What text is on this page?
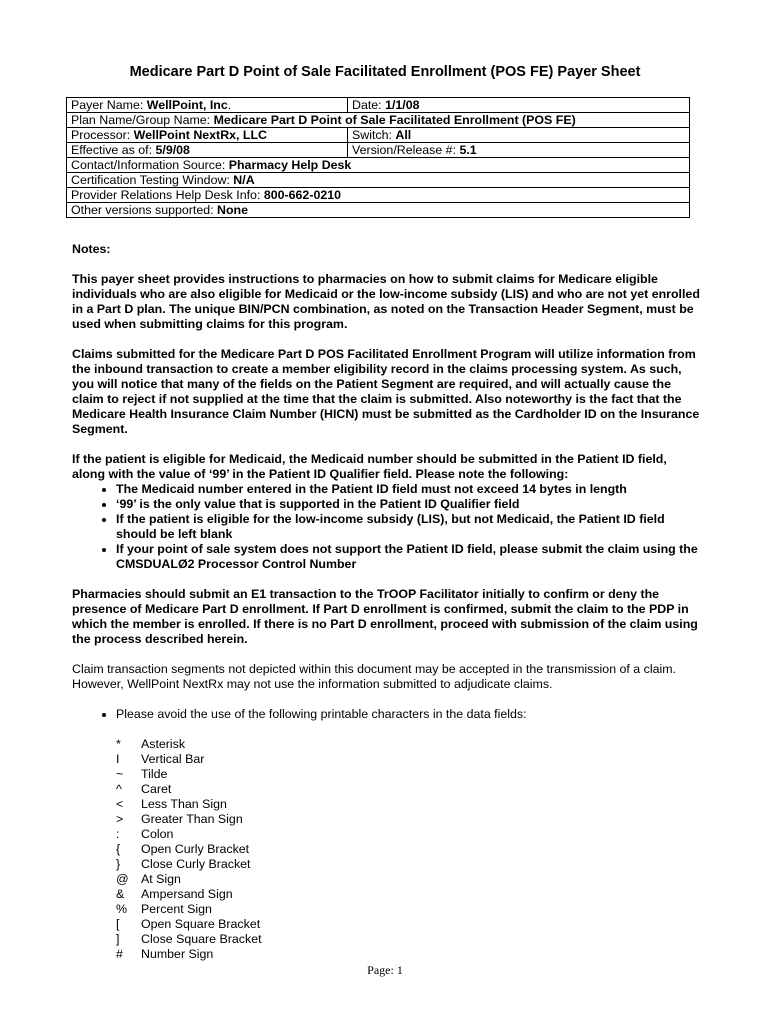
Medicare Part D Point of Sale Facilitated Enrollment (POS FE) Payer Sheet
Payer Name: WellPoint, Inc.	Date: 1/1/08
Plan Name/Group Name: Medicare Part D Point of Sale Facilitated Enrollment (POS FE)	
Processor: WellPoint NextRx, LLC	Switch: All
Effective as of: 5/9/08	Version/Release #: 5.1
Contact/Information Source: Pharmacy Help Desk	
Certification Testing Window: N/A	
Provider Relations Help Desk Info: 800-662-0210	
Other versions supported: None	

Notes:

This payer sheet provides instructions to pharmacies on how to submit claims for Medicare eligible individuals who are also eligible for Medicaid or the low-income subsidy (LIS) and who are not yet enrolled in a Part D plan. The unique BIN/PCN combination, as noted on the Transaction Header Segment, must be used when submitting claims for this program.

Claims submitted for the Medicare Part D POS Facilitated Enrollment Program will utilize information from the inbound transaction to create a member eligibility record in the claims processing system. As such, you will notice that many of the fields on the Patient Segment are required, and will actually cause the claim to reject if not supplied at the time that the claim is submitted. Also noteworthy is the fact that the Medicare Health Insurance Claim Number (HICN) must be submitted as the Cardholder ID on the Insurance Segment.

If the patient is eligible for Medicaid, the Medicaid number should be submitted in the Patient ID field, along with the value of ‘99’ in the Patient ID Qualifier field. Please note the following:

• The Medicaid number entered in the Patient ID field must not exceed 14 bytes in length
• ‘99’ is the only value that is supported in the Patient ID Qualifier field
• If the patient is eligible for the low-income subsidy (LIS), but not Medicaid, the Patient ID field should be left blank
• If your point of sale system does not support the Patient ID field, please submit the claim using the CMSDUALØ2 Processor Control Number

Pharmacies should submit an E1 transaction to the TrOOP Facilitator initially to confirm or deny the presence of Medicare Part D enrollment. If Part D enrollment is confirmed, submit the claim to the PDP in which the member is enrolled. If there is no Part D enrollment, proceed with submission of the claim using the process described herein.

Claim transaction segments not depicted within this document may be accepted in the transmission of a claim. However, WellPoint NextRx may not use the information submitted to adjudicate claims.

• Please avoid the use of the following printable characters in the data fields:
*	Asterisk
I	Vertical Bar
~	Tilde
^	Caret
<	Less Than Sign
>	Greater Than Sign
:	Colon
{	Open Curly Bracket
}	Close Curly Bracket
@	At Sign
&	Ampersand Sign
%	Percent Sign
[	Open Square Bracket
]	Close Square Bracket
#	Number Sign
Page: 1
